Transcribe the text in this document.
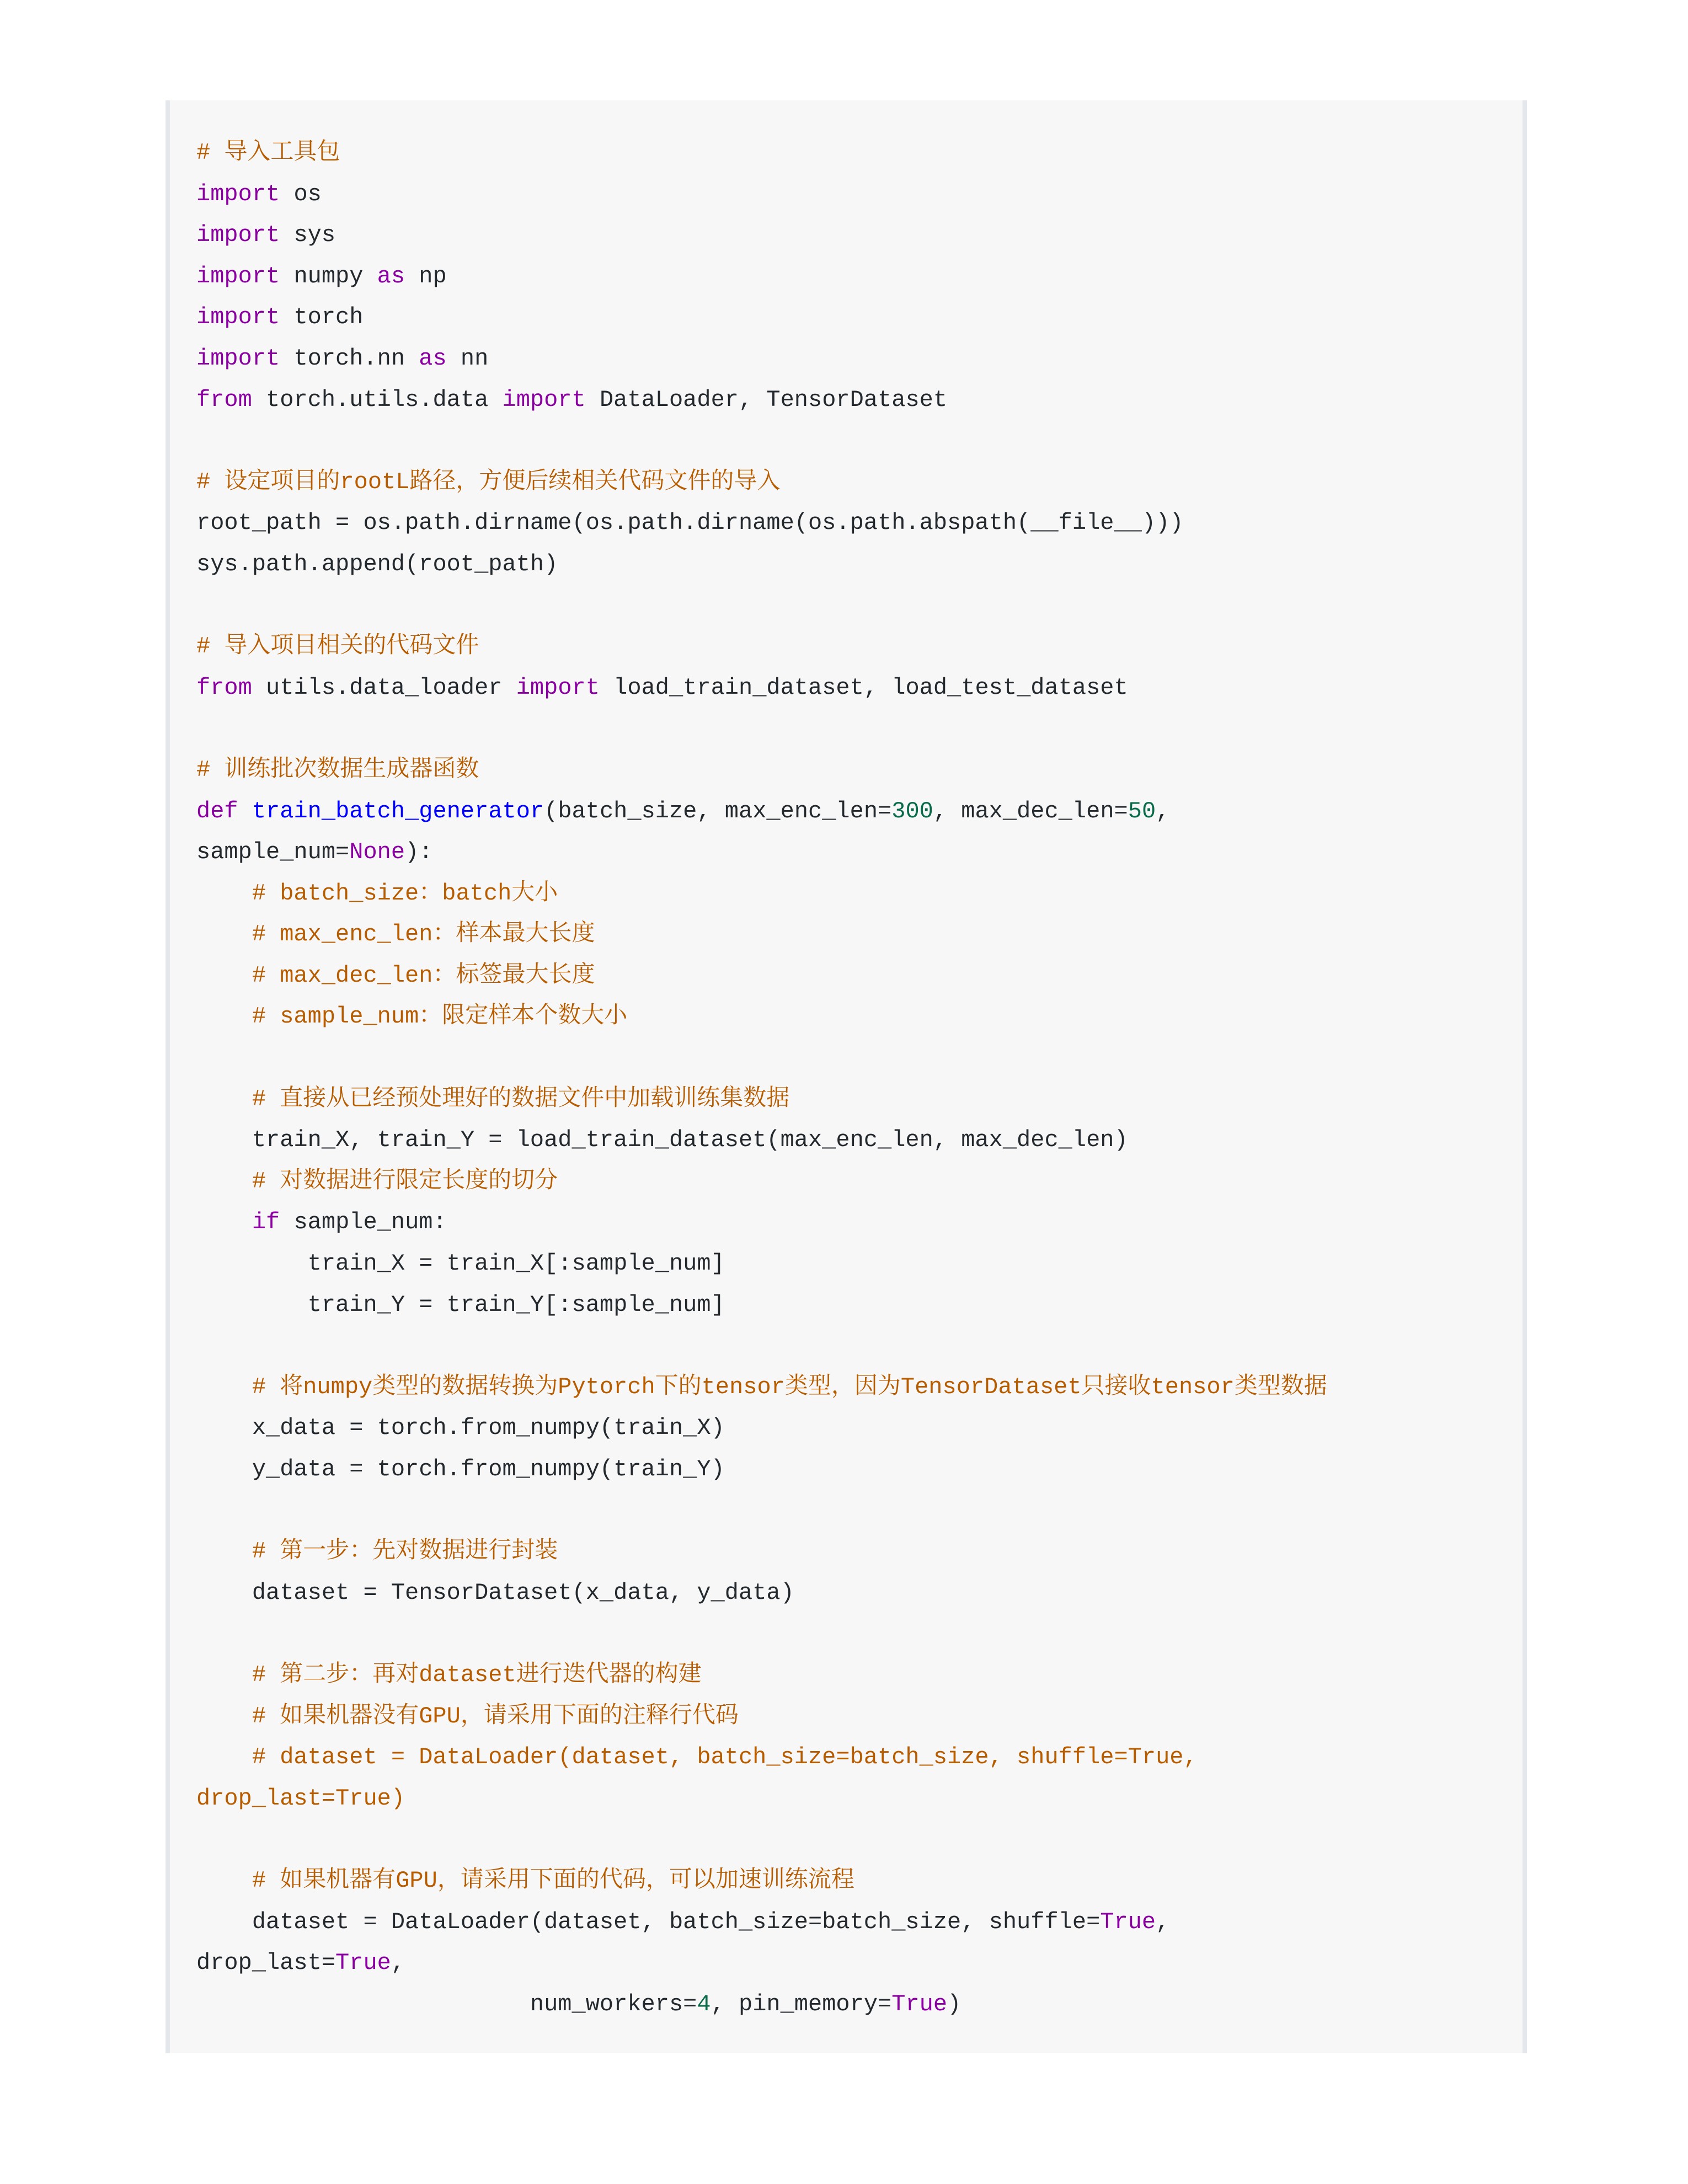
# 导入工具包
import os
import sys
import numpy as np
import torch
import torch.nn as nn
from torch.utils.data import DataLoader, TensorDataset

# 设定项目的rootL路径，方便后续相关代码文件的导入
root_path = os.path.dirname(os.path.dirname(os.path.abspath(__file__)))
sys.path.append(root_path)

# 导入项目相关的代码文件
from utils.data_loader import load_train_dataset, load_test_dataset

# 训练批次数据生成器函数
def train_batch_generator(batch_size, max_enc_len=300, max_dec_len=50,
sample_num=None):
# batch_size：batch大小
# max_enc_len：样本最大长度
# max_dec_len：标签最大长度
# sample_num：限定样本个数大小

# 直接从已经预处理好的数据文件中加载训练集数据
train_X, train_Y = load_train_dataset(max_enc_len, max_dec_len)
# 对数据进行限定长度的切分
if sample_num:
train_X = train_X[:sample_num]
train_Y = train_Y[:sample_num]

# 将numpy类型的数据转换为Pytorch下的tensor类型，因为TensorDataset只接收tensor类型数据
x_data = torch.from_numpy(train_X)
y_data = torch.from_numpy(train_Y)

# 第一步：先对数据进行封装
dataset = TensorDataset(x_data, y_data)

# 第二步：再对dataset进行迭代器的构建
# 如果机器没有GPU，请采用下面的注释行代码
# dataset = DataLoader(dataset, batch_size=batch_size, shuffle=True,
drop_last=True)

# 如果机器有GPU，请采用下面的代码，可以加速训练流程
dataset = DataLoader(dataset, batch_size=batch_size, shuffle=True,
drop_last=True,
num_workers=4, pin_memory=True)
